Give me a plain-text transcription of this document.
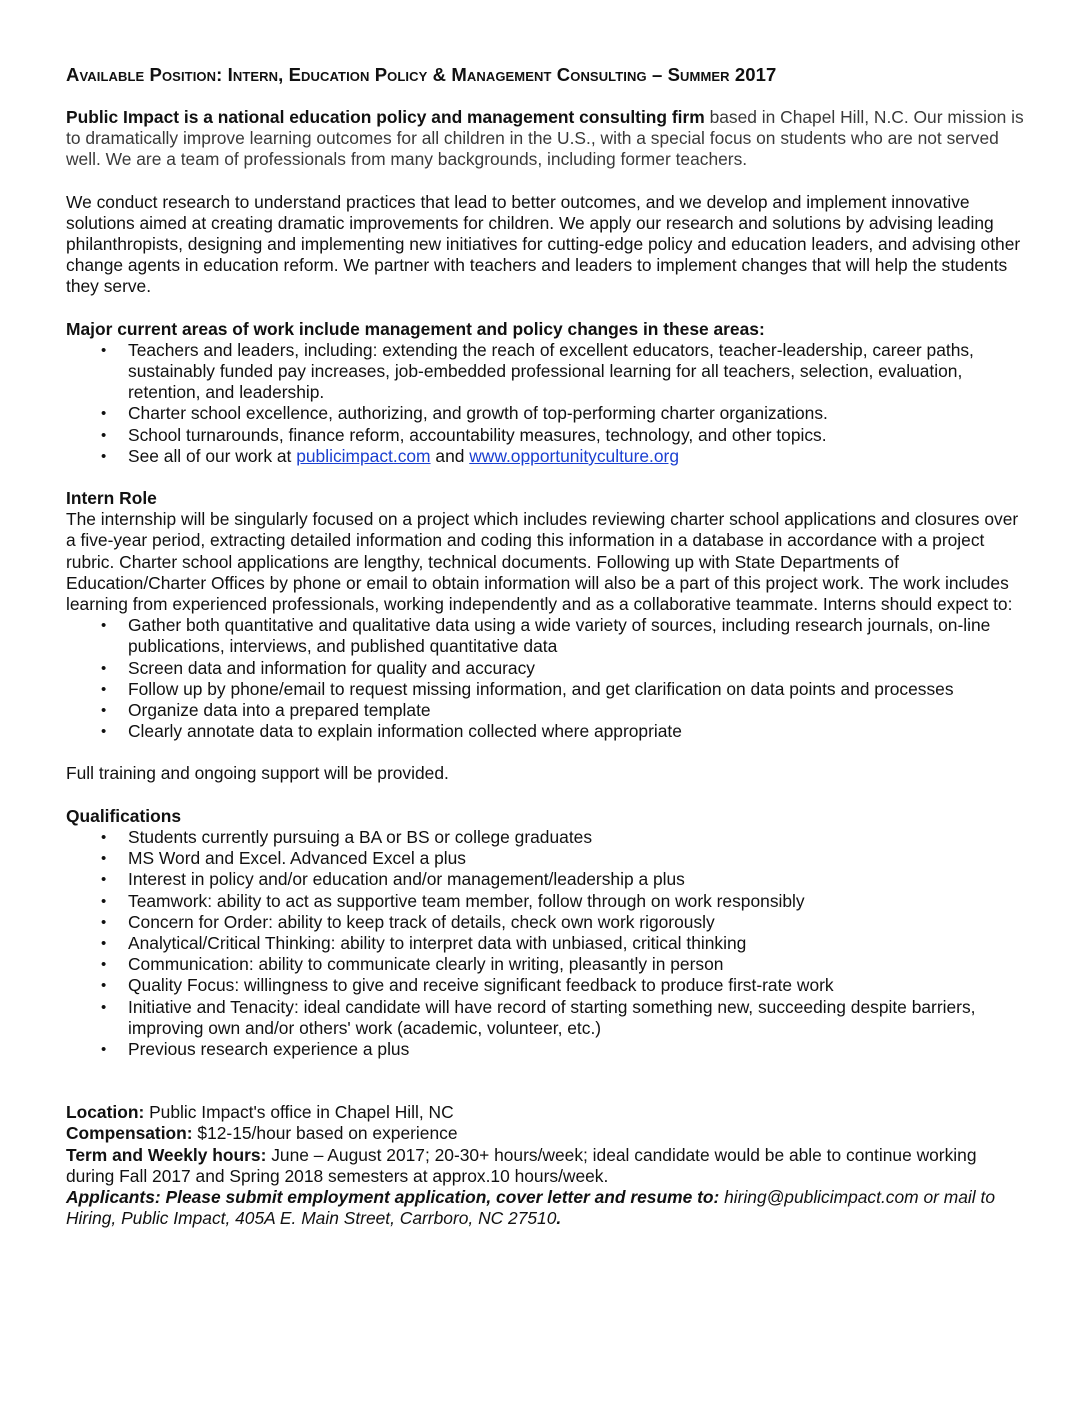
Available Position: Intern, Education Policy & Management Consulting – Summer 2017

Public Impact is a national education policy and management consulting firm based in Chapel Hill, N.C. Our mission is to dramatically improve learning outcomes for all children in the U.S., with a special focus on students who are not served well. We are a team of professionals from many backgrounds, including former teachers.

We conduct research to understand practices that lead to better outcomes, and we develop and implement innovative solutions aimed at creating dramatic improvements for children. We apply our research and solutions by advising leading philanthropists, designing and implementing new initiatives for cutting-edge policy and education leaders, and advising other change agents in education reform. We partner with teachers and leaders to implement changes that will help the students they serve.

Major current areas of work include management and policy changes in these areas:
• Teachers and leaders, including: extending the reach of excellent educators, teacher-leadership, career paths, sustainably funded pay increases, job-embedded professional learning for all teachers, selection, evaluation, retention, and leadership.
• Charter school excellence, authorizing, and growth of top-performing charter organizations.
• School turnarounds, finance reform, accountability measures, technology, and other topics.
• See all of our work at publicimpact.com and www.opportunityculture.org
Intern Role
The internship will be singularly focused on a project which includes reviewing charter school applications and closures over a five-year period, extracting detailed information and coding this information in a database in accordance with a project rubric. Charter school applications are lengthy, technical documents. Following up with State Departments of Education/Charter Offices by phone or email to obtain information will also be a part of this project work. The work includes learning from experienced professionals, working independently and as a collaborative teammate. Interns should expect to:
• Gather both quantitative and qualitative data using a wide variety of sources, including research journals, on-line publications, interviews, and published quantitative data
• Screen data and information for quality and accuracy
• Follow up by phone/email to request missing information, and get clarification on data points and processes
• Organize data into a prepared template
• Clearly annotate data to explain information collected where appropriate

Full training and ongoing support will be provided.

Qualifications
• Students currently pursuing a BA or BS or college graduates
• MS Word and Excel. Advanced Excel a plus
• Interest in policy and/or education and/or management/leadership a plus
• Teamwork: ability to act as supportive team member, follow through on work responsibly
• Concern for Order: ability to keep track of details, check own work rigorously
• Analytical/Critical Thinking: ability to interpret data with unbiased, critical thinking
• Communication: ability to communicate clearly in writing, pleasantly in person
• Quality Focus: willingness to give and receive significant feedback to produce first-rate work
• Initiative and Tenacity: ideal candidate will have record of starting something new, succeeding despite barriers, improving own and/or others' work (academic, volunteer, etc.)
• Previous research experience a plus
Location: Public Impact's office in Chapel Hill, NC
Compensation: $12-15/hour based on experience
Term and Weekly hours: June – August 2017; 20-30+ hours/week; ideal candidate would be able to continue working during Fall 2017 and Spring 2018 semesters at approx.10 hours/week.
Applicants: Please submit employment application, cover letter and resume to: hiring@publicimpact.com or mail to Hiring, Public Impact, 405A E. Main Street, Carrboro, NC 27510.
